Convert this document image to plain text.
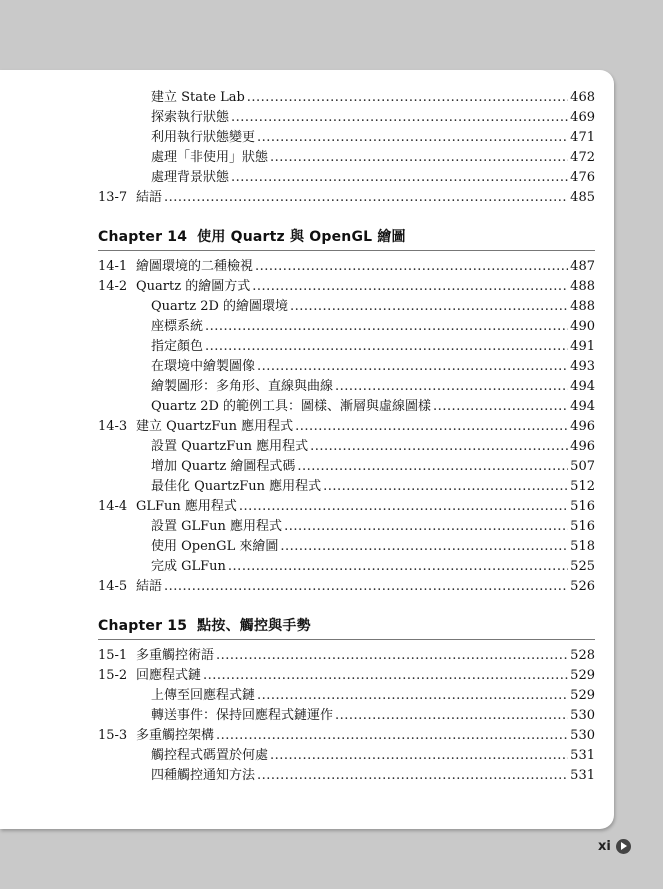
建立 State Lab .....	468
探索執行狀態 .....	469
利用執行狀態變更 .....	471
處理「非使用」狀態 .....	472
處理背景狀態 .....	476
13-7 結語 .....	485
Chapter 14 使用 Quartz 與 OpenGL 繪圖
14-1 繪圖環境的二種檢視 .....	487
14-2 Quartz 的繪圖方式 .....	488
Quartz 2D 的繪圖環境 .....	488
座標系統 .....	490
指定顏色 .....	491
在環境中繪製圖像 .....	493
繪製圖形：多角形、直線與曲線 .....	494
Quartz 2D 的範例工具：圖樣、漸層與虛線圖樣 .....	494
14-3 建立 QuartzFun 應用程式 .....	496
設置 QuartzFun 應用程式 .....	496
增加 Quartz 繪圖程式碼 .....	507
最佳化 QuartzFun 應用程式 .....	512
14-4 GLFun 應用程式 .....	516
設置 GLFun 應用程式 .....	516
使用 OpenGL 來繪圖 .....	518
完成 GLFun .....	525
14-5 結語 .....	526
Chapter 15 點按、觸控與手勢
15-1 多重觸控術語 .....	528
15-2 回應程式鏈 .....	529
上傳至回應程式鏈 .....	529
轉送事件：保持回應程式鏈運作 .....	530
15-3 多重觸控架構 .....	530
觸控程式碼置於何處 .....	531
四種觸控通知方法 .....	531
xi
